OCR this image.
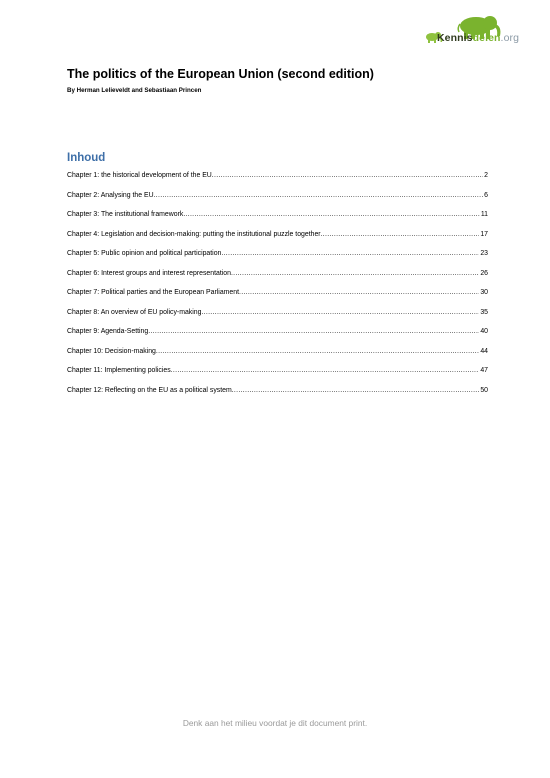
Kennisdelen.org
The politics of the European Union (second edition)
By Herman Lelieveldt and Sebastiaan Princen
Inhoud
Chapter 1: the historical development of the EU .....	2
Chapter 2: Analysing the EU .....	6
Chapter 3: The institutional framework .....	11
Chapter 4: Legislation and decision-making: putting the institutional puzzle together .....	17
Chapter 5: Public opinion and political participation .....	23
Chapter 6: Interest groups and interest representation .....	26
Chapter 7: Political parties and the European Parliament .....	30
Chapter 8: An overview of EU policy-making .....	35
Chapter 9: Agenda-Setting .....	40
Chapter 10: Decision-making .....	44
Chapter 11: Implementing policies .....	47
Chapter 12: Reflecting on the EU as a political system .....	50
Denk aan het milieu voordat je dit document print.
